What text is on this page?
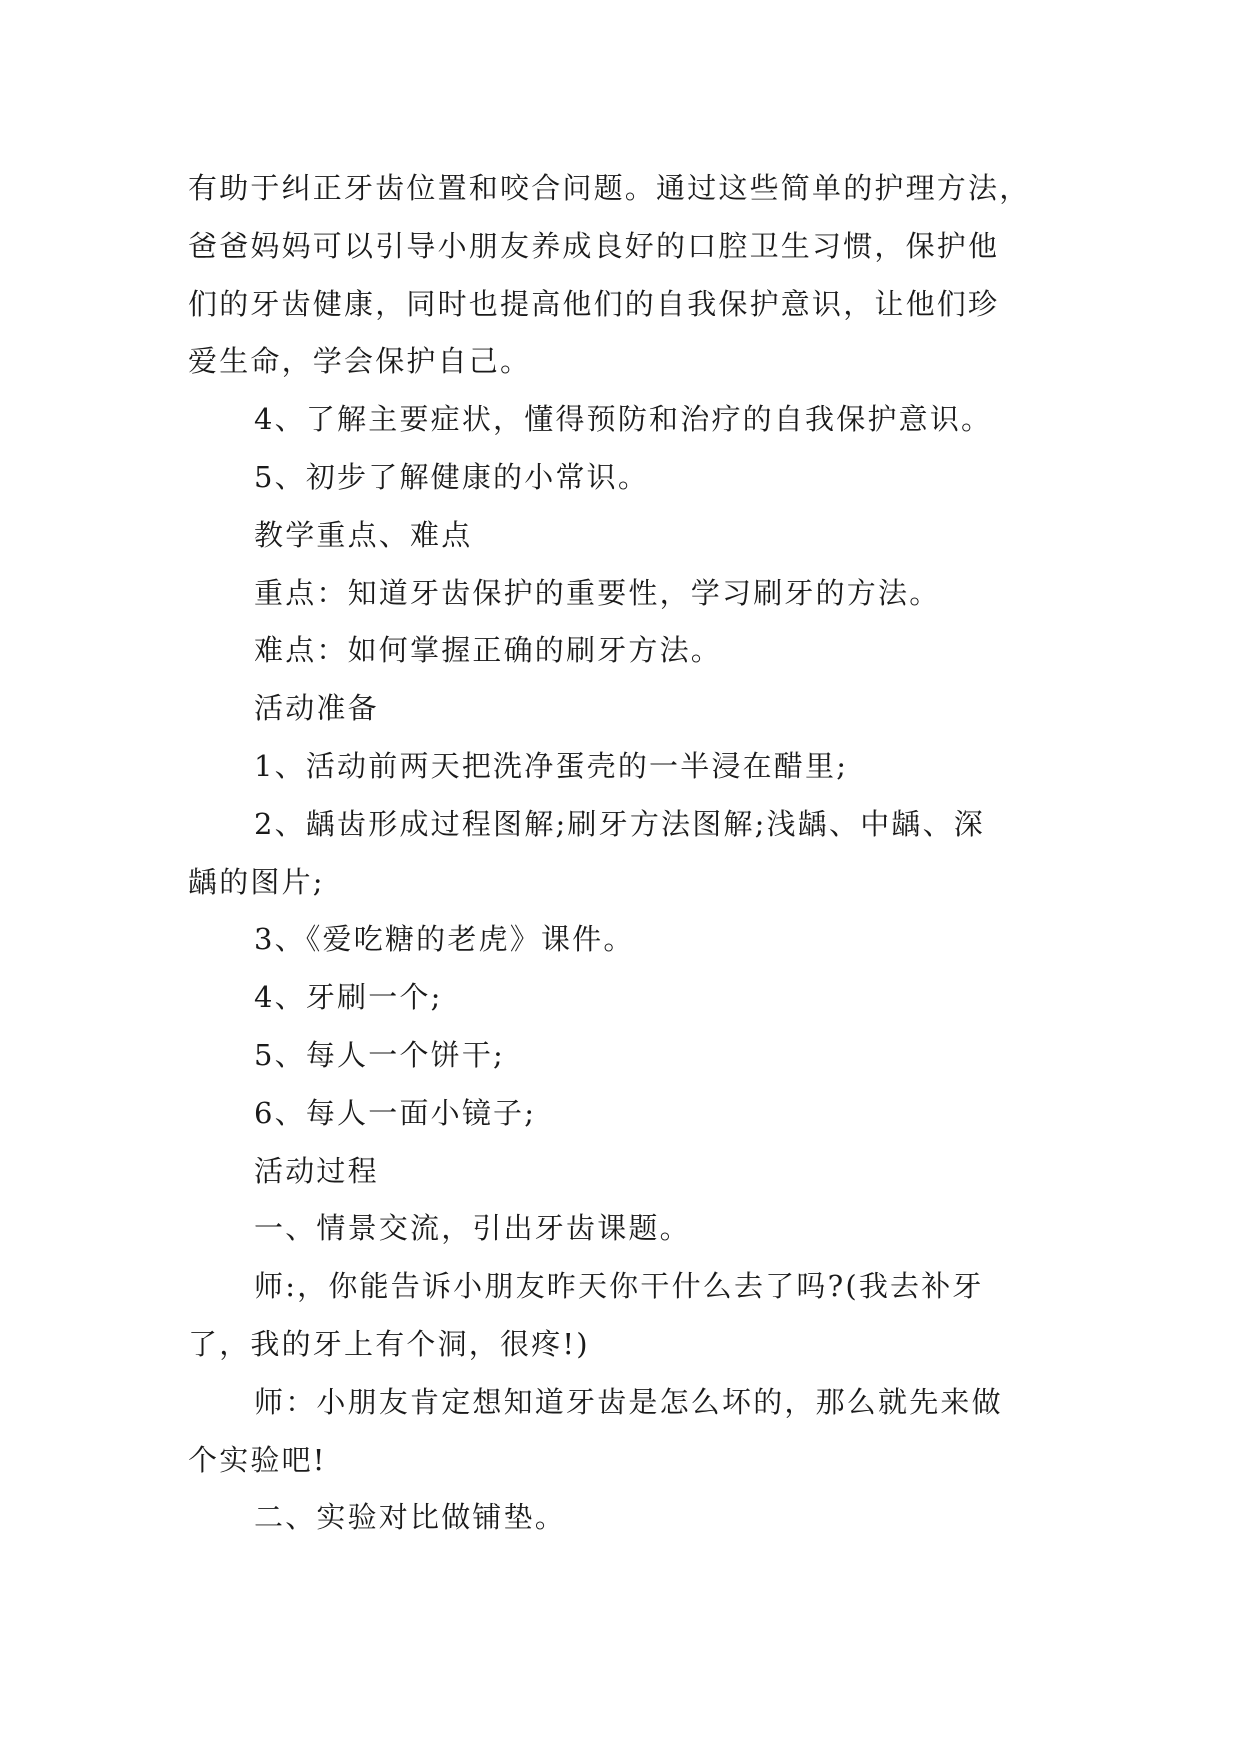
有助于纠正牙齿位置和咬合问题。通过这些简单的护理方法，
爸爸妈妈可以引导小朋友养成良好的口腔卫生习惯，保护他
们的牙齿健康，同时也提高他们的自我保护意识，让他们珍
爱生命，学会保护自己。

4、了解主要症状，懂得预防和治疗的自我保护意识。

5、初步了解健康的小常识。

教学重点、难点

重点：知道牙齿保护的重要性，学习刷牙的方法。

难点：如何掌握正确的刷牙方法。

活动准备

1、活动前两天把洗净蛋壳的一半浸在醋里;

2、龋齿形成过程图解;刷牙方法图解;浅龋、中龋、深
龋的图片;

3、《爱吃糖的老虎》课件。

4、牙刷一个;

5、每人一个饼干;

6、每人一面小镜子;

活动过程

一、情景交流，引出牙齿课题。

师:，你能告诉小朋友昨天你干什么去了吗?(我去补牙
了，我的牙上有个洞，很疼!)

师：小朋友肯定想知道牙齿是怎么坏的，那么就先来做
个实验吧!

二、实验对比做铺垫。
